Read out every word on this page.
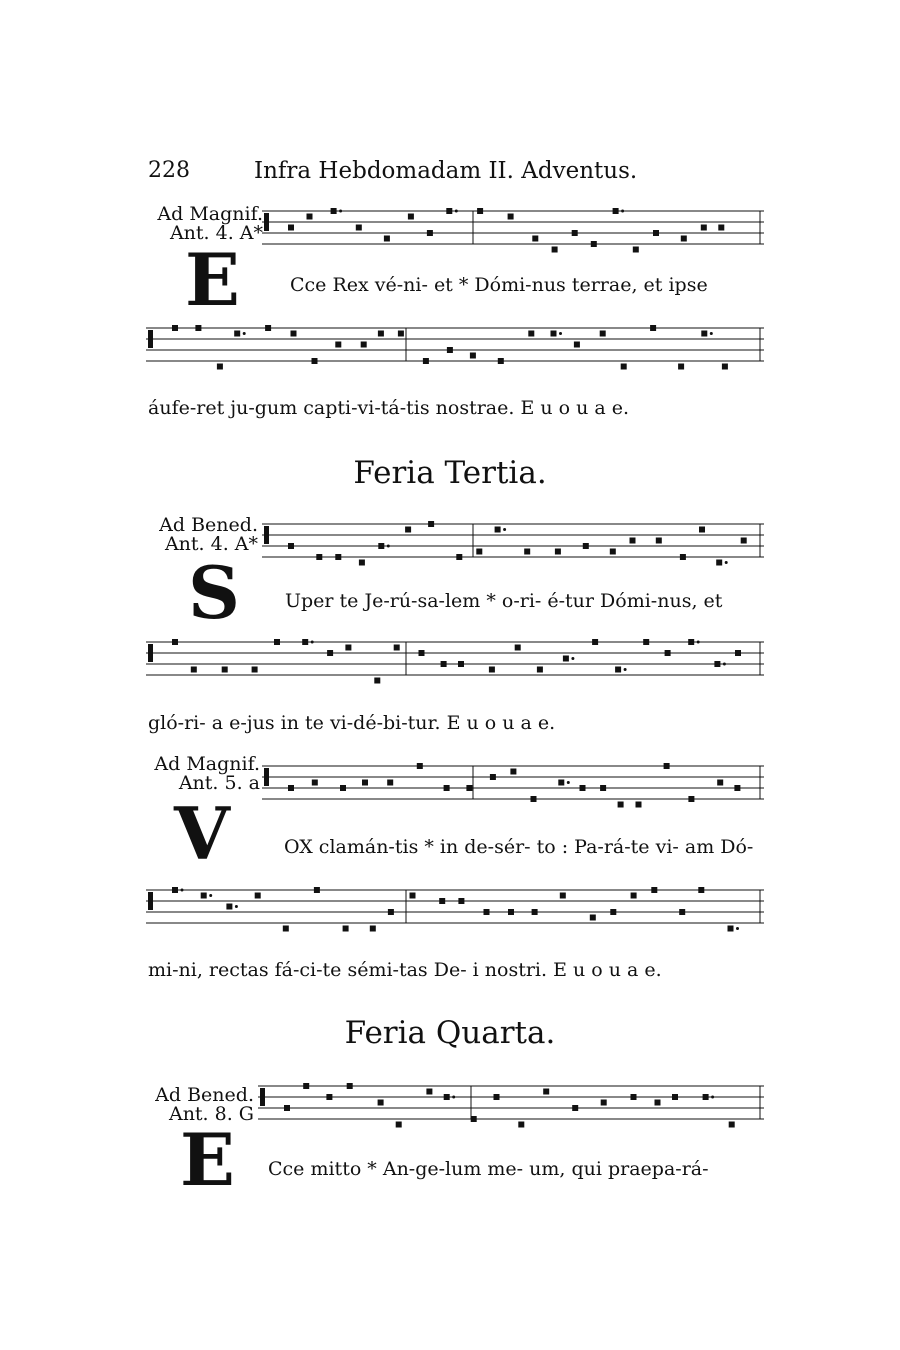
228	Infra Hebdomadam II. Adventus.
Ad Magnif.
Ant. 4. A*
E	Cce Rex vé-ni- et * Dómi-nus terrae, et ipse
áufe-ret ju-gum capti-vi-tá-tis nostrae. E u o u a e.
Feria Tertia.
Ad Bened.
Ant. 4. A*
S Uper te Je-rú-sa-lem * o-ri- é-tur Dómi-nus, et
gló-ri- a e-jus in te vi-dé-bi-tur. E u o u a e.
Ad Magnif.
Ant. 5. a
V	OX clamán-tis * in de-sér- to : Pa-rá-te vi- am Dó-
mi-ni, rectas fá-ci-te sémi-tas De- i nostri. E u o u a e.
Feria Quarta.
Ad Bened.
Ant. 8. G
E Cce mitto * An-ge-lum me- um, qui praepa-rá-
